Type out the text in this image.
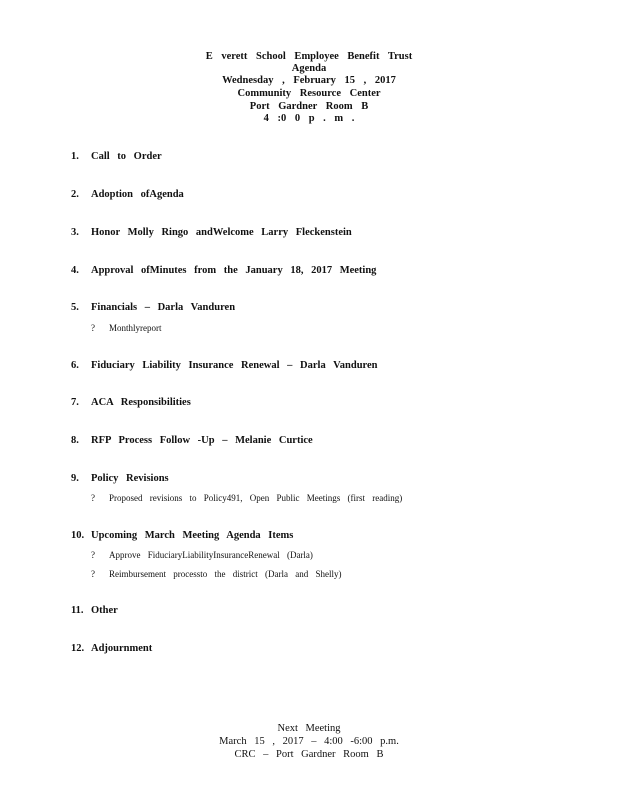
E verett School Employee Benefit Trust
Agenda
Wednesday , February 15 , 2017
Community Resource Center
Port Gardner Room B
4 :0 0 p . m .
1. Call to Order
2. Adoption ofAgenda
3. Honor Molly Ringo andWelcome Larry Fleckenstein
4. Approval ofMinutes from the January 18, 2017 Meeting
5. Financials – Darla Vanduren
? Monthlyreport
6. Fiduciary Liability Insurance Renewal – Darla Vanduren
7. ACA Responsibilities
8. RFP Process Follow -Up – Melanie Curtice
9. Policy Revisions
? Proposed revisions to Policy491, Open Public Meetings (first reading)
10. Upcoming March Meeting Agenda Items
? Approve FiduciaryLiabilityInsuranceRenewal (Darla)
? Reimbursement processto the district (Darla and Shelly)
11. Other
12. Adjournment
Next Meeting
March 15 , 2017 – 4:00 -6:00 p.m.
CRC – Port Gardner Room B
